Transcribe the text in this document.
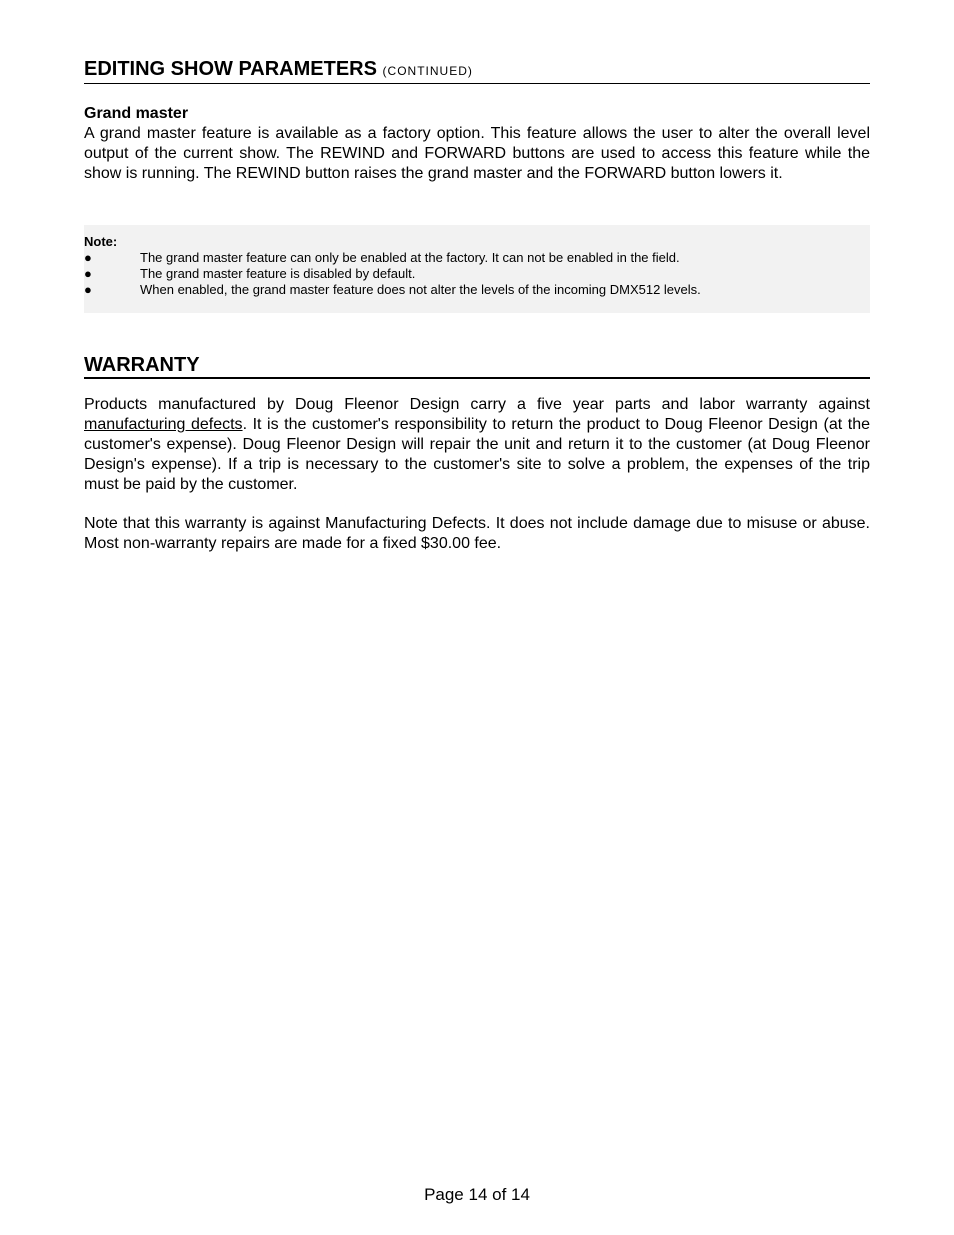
EDITING SHOW PARAMETERS (CONTINUED)
Grand master

A grand master feature is available as a factory option. This feature allows the user to alter the overall level output of the current show. The REWIND and FORWARD buttons are used to access this feature while the show is running. The REWIND button raises the grand master and the FORWARD button lowers it.

Note:
●	The grand master feature can only be enabled at the factory. It can not be enabled in the field.
●	The grand master feature is disabled by default.
●	When enabled, the grand master feature does not alter the levels of the incoming DMX512 levels.
WARRANTY

Products manufactured by Doug Fleenor Design carry a five year parts and labor warranty against manufacturing defects. It is the customer's responsibility to return the product to Doug Fleenor Design (at the customer's expense). Doug Fleenor Design will repair the unit and return it to the customer (at Doug Fleenor Design's expense). If a trip is necessary to the customer's site to solve a problem, the expenses of the trip must be paid by the customer.

Note that this warranty is against Manufacturing Defects. It does not include damage due to misuse or abuse. Most non-warranty repairs are made for a fixed $30.00 fee.

Page 14 of 14
